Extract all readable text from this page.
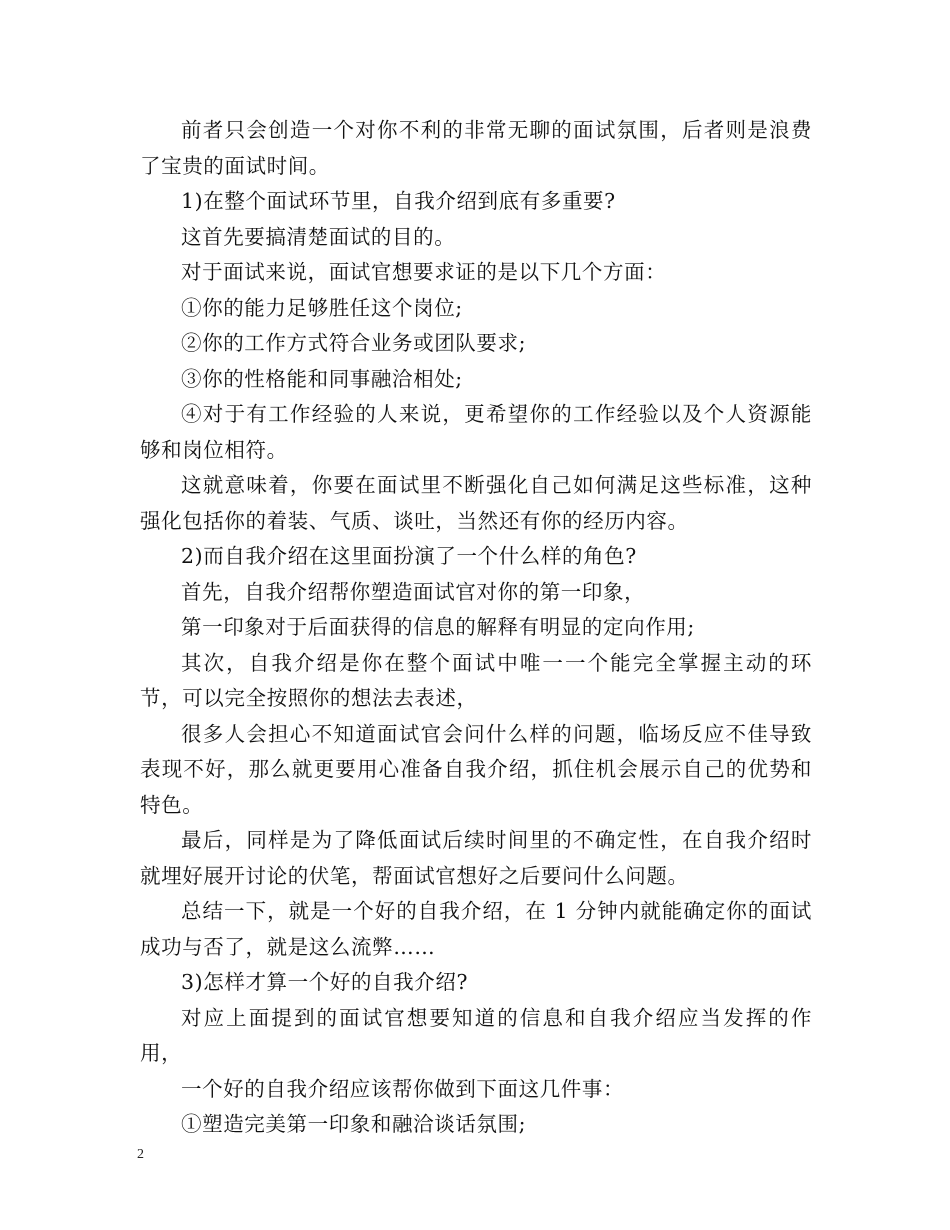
前者只会创造一个对你不利的非常无聊的面试氛围，后者则是浪费了宝贵的面试时间。

1)在整个面试环节里，自我介绍到底有多重要?

这首先要搞清楚面试的目的。

对于面试来说，面试官想要求证的是以下几个方面：

①你的能力足够胜任这个岗位;

②你的工作方式符合业务或团队要求;

③你的性格能和同事融洽相处;

④对于有工作经验的人来说，更希望你的工作经验以及个人资源能够和岗位相符。

这就意味着，你要在面试里不断强化自己如何满足这些标准，这种强化包括你的着装、气质、谈吐，当然还有你的经历内容。

2)而自我介绍在这里面扮演了一个什么样的角色?

首先，自我介绍帮你塑造面试官对你的第一印象，

第一印象对于后面获得的信息的解释有明显的定向作用;

其次，自我介绍是你在整个面试中唯一一个能完全掌握主动的环节，可以完全按照你的想法去表述，

很多人会担心不知道面试官会问什么样的问题，临场反应不佳导致表现不好，那么就更要用心准备自我介绍，抓住机会展示自己的优势和特色。

最后，同样是为了降低面试后续时间里的不确定性，在自我介绍时就埋好展开讨论的伏笔，帮面试官想好之后要问什么问题。

总结一下，就是一个好的自我介绍，在 1 分钟内就能确定你的面试成功与否了，就是这么流弊……

3)怎样才算一个好的自我介绍?

对应上面提到的面试官想要知道的信息和自我介绍应当发挥的作用，

一个好的自我介绍应该帮你做到下面这几件事：

①塑造完美第一印象和融洽谈话氛围;

2
